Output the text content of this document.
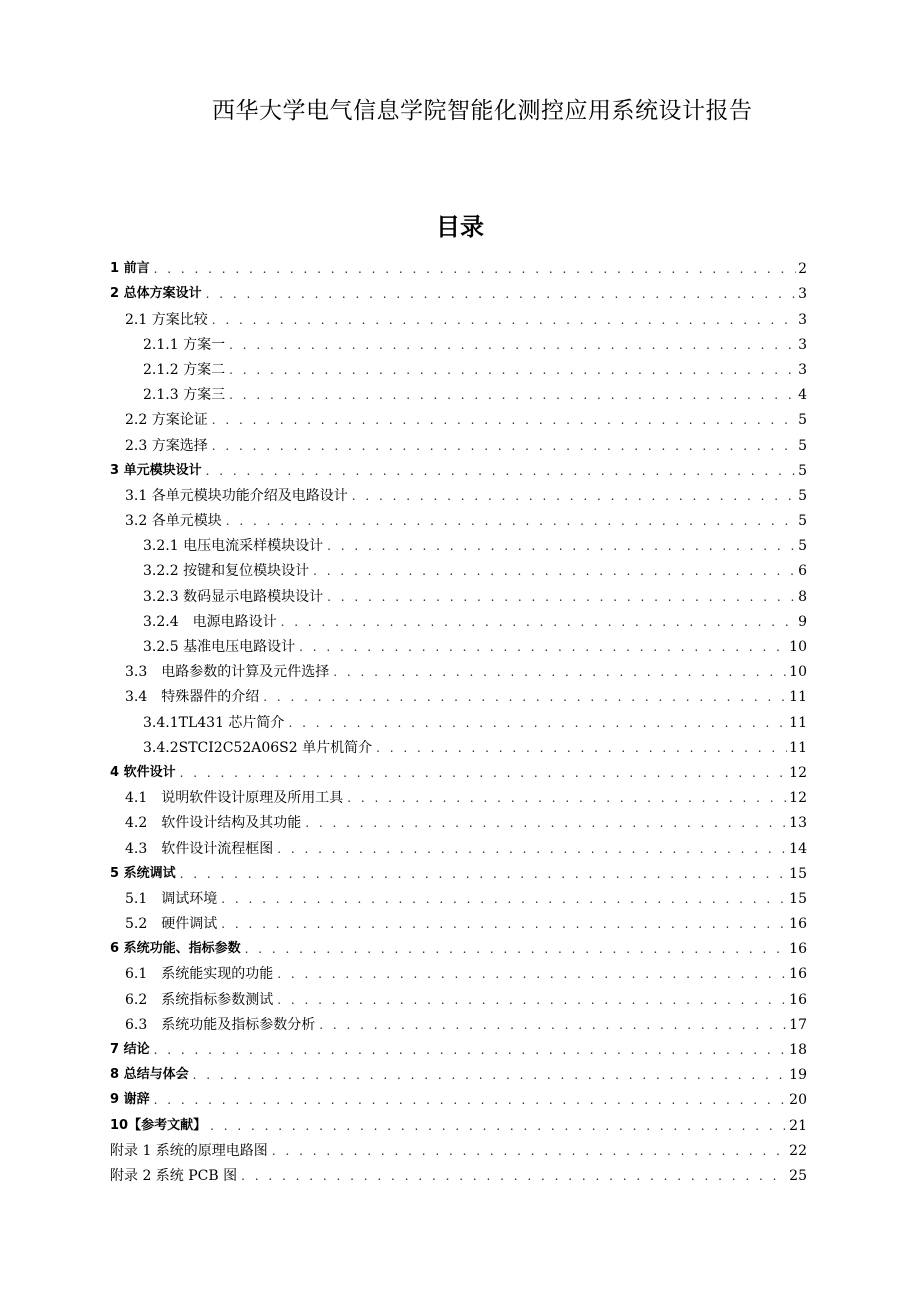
西华大学电气信息学院智能化测控应用系统设计报告
目录
1 前言 . . .	2
2 总体方案设计 . . .	3
2.1 方案比较 . . .	3
2.1.1 方案一 . . .	3
2.1.2 方案二 . . .	3
2.1.3 方案三 . . .	4
2.2 方案论证 . . .	5
2.3 方案选择 . . .	5
3 单元模块设计 . . .	5
3.1 各单元模块功能介绍及电路设计 . . .	5
3.2 各单元模块 . . .	5
3.2.1 电压电流采样模块设计 . . .	5
3.2.2 按键和复位模块设计 . . .	6
3.2.3 数码显示电路模块设计 . . .	8
3.2.4　电源电路设计 . . .	9
3.2.5 基准电压电路设计 . . .	10
3.3　电路参数的计算及元件选择 . . .	10
3.4　特殊器件的介绍 . . .	11
3.4.1TL431 芯片简介 . . .	11
3.4.2STCI2C52A06S2 单片机简介 . . .	11
4 软件设计 . . .	12
4.1　说明软件设计原理及所用工具 . . .	12
4.2　软件设计结构及其功能 . . .	13
4.3　软件设计流程框图 . . .	14
5 系统调试 . . .	15
5.1　调试环境 . . .	15
5.2　硬件调试 . . .	16
6 系统功能、指标参数 . . .	16
6.1　系统能实现的功能 . . .	16
6.2　系统指标参数测试 . . .	16
6.3　系统功能及指标参数分析 . . .	17
7 结论 . . .	18
8 总结与体会 . . .	19
9 谢辞 . . .	20
10【参考文献】 . . .	21
附录 1 系统的原理电路图 . . .	22
附录 2 系统 PCB 图 . . .	25
